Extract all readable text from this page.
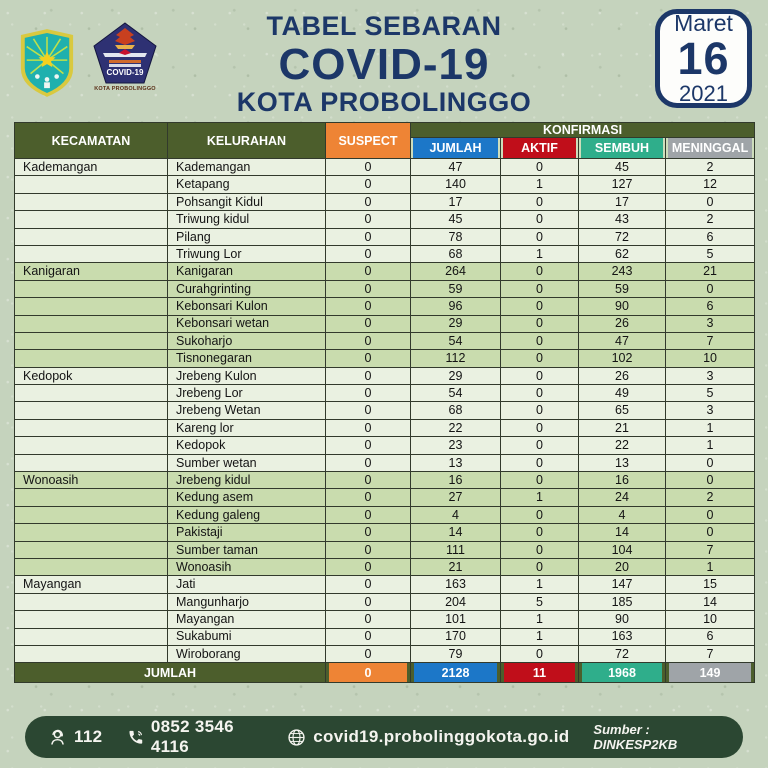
COVID-19
KOTA PROBOLINGGO
TABEL SEBARAN
COVID-19
KOTA PROBOLINGGO
Maret
16
2021
KECAMATAN	KELURAHAN	SUSPECT	KONFIRMASI			

JUMLAH	AKTIF	SEMBUH	MENINGGAL

Kademangan	Kademangan	0	47	0	45	2
	Ketapang	0	140	1	127	12
	Pohsangit Kidul	0	17	0	17	0
	Triwung kidul	0	45	0	43	2
	Pilang	0	78	0	72	6
	Triwung Lor	0	68	1	62	5
Kanigaran	Kanigaran	0	264	0	243	21
	Curahgrinting	0	59	0	59	0
	Kebonsari Kulon	0	96	0	90	6
	Kebonsari wetan	0	29	0	26	3
	Sukoharjo	0	54	0	47	7
	Tisnonegaran	0	112	0	102	10
Kedopok	Jrebeng Kulon	0	29	0	26	3
	Jrebeng Lor	0	54	0	49	5
	Jrebeng Wetan	0	68	0	65	3
	Kareng lor	0	22	0	21	1
	Kedopok	0	23	0	22	1
	Sumber wetan	0	13	0	13	0
Wonoasih	Jrebeng kidul	0	16	0	16	0
	Kedung asem	0	27	1	24	2
	Kedung galeng	0	4	0	4	0
	Pakistaji	0	14	0	14	0
	Sumber taman	0	111	0	104	7
	Wonoasih	0	21	0	20	1
Mayangan	Jati	0	163	1	147	15
	Mangunharjo	0	204	5	185	14
	Mayangan	0	101	1	90	10
	Sukabumi	0	170	1	163	6
	Wiroborang	0	79	0	72	7
JUMLAH		0	2128	11	1968	149
112
0852 3546 4116
covid19.probolinggokota.go.id Sumber : DINKESP2KB
